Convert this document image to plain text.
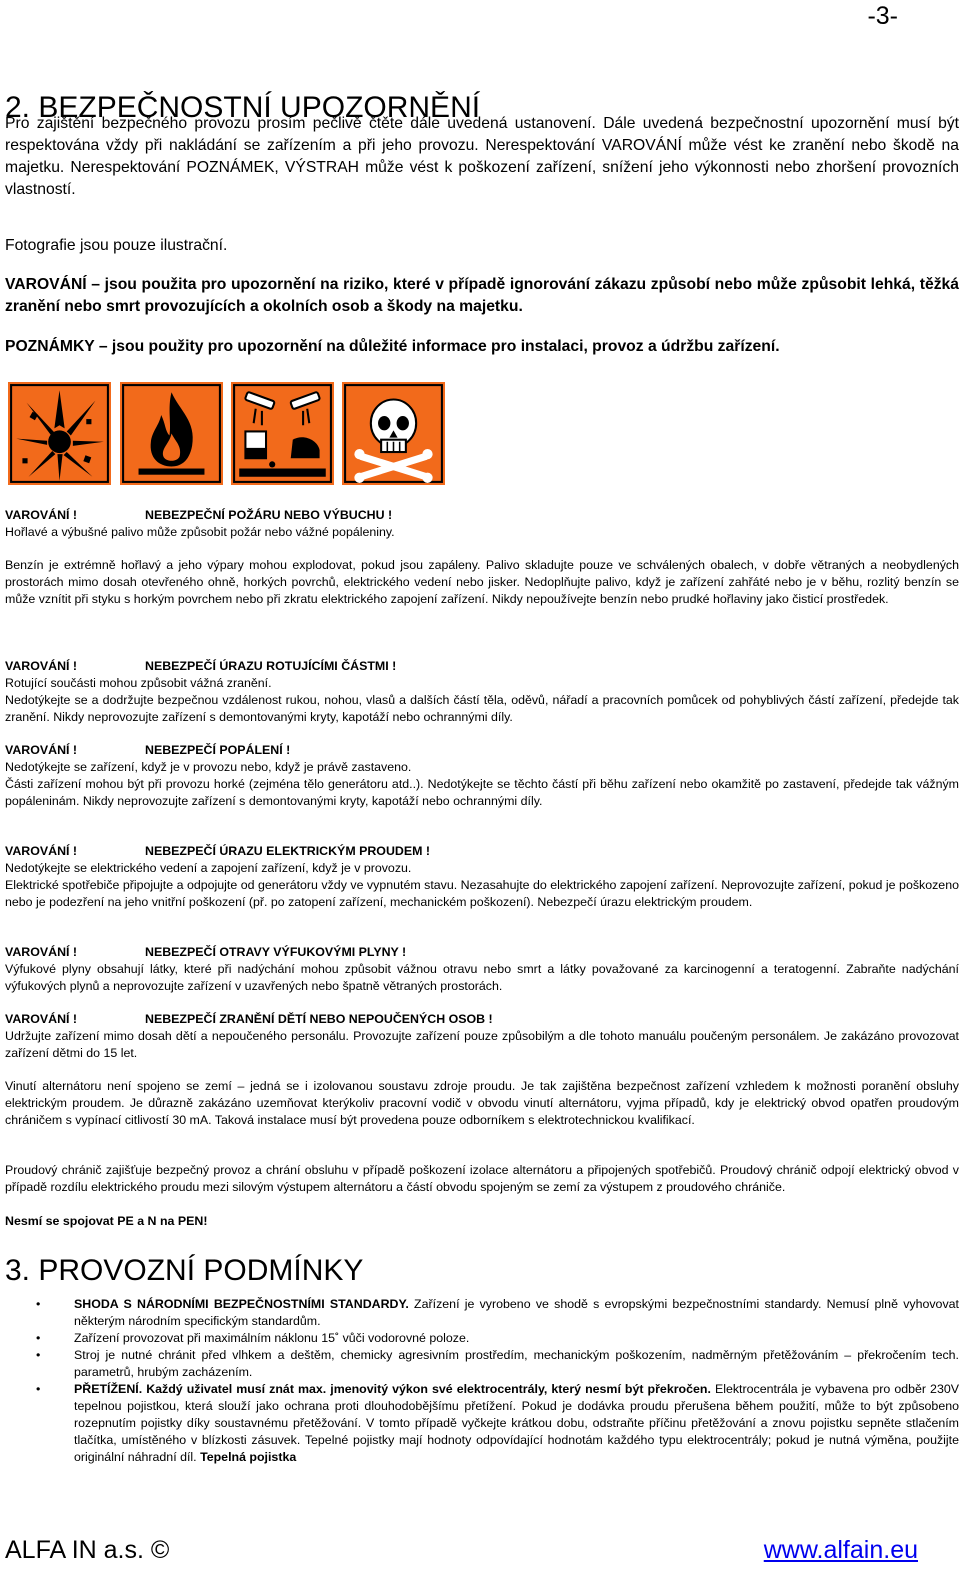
-3-
2. BEZPEČNOSTNÍ UPOZORNĚNÍ
Pro zajištění bezpečného provozu prosím pečlivě čtěte dále uvedená ustanovení. Dále uvedená bezpečnostní upozornění musí být respektována vždy při nakládání se zařízením a při jeho provozu. Nerespektování VAROVÁNÍ může vést ke zranění nebo škodě na majetku. Nerespektování POZNÁMEK, VÝSTRAH může vést k poškození zařízení, snížení jeho výkonnosti nebo zhoršení provozních vlastností.
Fotografie jsou pouze ilustrační.
VAROVÁNÍ – jsou použita pro upozornění na riziko, které v případě ignorování zákazu způsobí nebo může způsobit lehká, těžká zranění nebo smrt provozujících a okolních osob a škody na majetku.
POZNÁMKY – jsou použity pro upozornění na důležité informace pro instalaci, provoz a údržbu zařízení.
VAROVÁNÍ !	NEBEZPEČNÍ POŽÁRU NEBO VÝBUCHU !
Hořlavé a výbušné palivo může způsobit požár nebo vážné popáleniny.
Benzín je extrémně hořlavý a jeho výpary mohou explodovat, pokud jsou zapáleny. Palivo skladujte pouze ve schválených obalech, v dobře větraných a neobydlených prostorách mimo dosah otevřeného ohně, horkých povrchů, elektrického vedení nebo jisker. Nedoplňujte palivo, když je zařízení zahřáté nebo je v běhu, rozlitý benzín se může vznítit při styku s horkým povrchem nebo při zkratu elektrického zapojení zařízení. Nikdy nepoužívejte benzín nebo prudké hořlaviny jako čisticí prostředek.
VAROVÁNÍ !	NEBEZPEČÍ ÚRAZU ROTUJÍCÍMI ČÁSTMI !
Rotující součásti mohou způsobit vážná zranění.
Nedotýkejte se a dodržujte bezpečnou vzdálenost rukou, nohou, vlasů a dalších částí těla, oděvů, nářadí a pracovních pomůcek od pohyblivých částí zařízení, předejde tak zranění. Nikdy neprovozujte zařízení s demontovanými kryty, kapotáží nebo ochrannými díly.
VAROVÁNÍ !	NEBEZPEČÍ POPÁLENÍ !
Nedotýkejte se zařízení, když je v provozu nebo, když je právě zastaveno.
Části zařízení mohou být při provozu horké (zejména tělo generátoru atd..). Nedotýkejte se těchto částí při běhu zařízení nebo okamžitě po zastavení, předejde tak vážným popáleninám. Nikdy neprovozujte zařízení s demontovanými kryty, kapotáží nebo ochrannými díly.
VAROVÁNÍ !	NEBEZPEČÍ ÚRAZU ELEKTRICKÝM PROUDEM !
Nedotýkejte se elektrického vedení a zapojení zařízení, když je v provozu.
Elektrické spotřebiče připojujte a odpojujte od generátoru vždy ve vypnutém stavu. Nezasahujte do elektrického zapojení zařízení. Neprovozujte zařízení, pokud je poškozeno nebo je podezření na jeho vnitřní poškození (př. po zatopení zařízení, mechanickém poškození). Nebezpečí úrazu elektrickým proudem.
VAROVÁNÍ !	NEBEZPEČÍ OTRAVY VÝFUKOVÝMI PLYNY !
Výfukové plyny obsahují látky, které při nadýchání mohou způsobit vážnou otravu nebo smrt a látky považované za karcinogenní a teratogenní. Zabraňte nadýchání výfukových plynů a neprovozujte zařízení v uzavřených nebo špatně větraných prostorách.
VAROVÁNÍ !	NEBEZPEČÍ ZRANĚNÍ DĚTÍ NEBO NEPOUČENÝCH OSOB !
Udržujte zařízení mimo dosah dětí a nepoučeného personálu. Provozujte zařízení pouze způsobilým a dle tohoto manuálu poučeným personálem. Je zakázáno provozovat zařízení dětmi do 15 let.
Vinutí alternátoru není spojeno se zemí – jedná se i izolovanou soustavu zdroje proudu. Je tak zajištěna bezpečnost zařízení vzhledem k možnosti poranění obsluhy elektrickým proudem. Je důrazně zakázáno uzemňovat kterýkoliv pracovní vodič v obvodu vinutí alternátoru, vyjma případů, kdy je elektrický obvod opatřen proudovým chráničem s vypínací citlivostí 30 mA. Taková instalace musí být provedena pouze odborníkem s elektrotechnickou kvalifikací.
Proudový chránič zajišťuje bezpečný provoz a chrání obsluhu v případě poškození izolace alternátoru a připojených spotřebičů. Proudový chránič odpojí elektrický obvod v případě rozdílu elektrického proudu mezi silovým výstupem alternátoru a částí obvodu spojeným se zemí za výstupem z proudového chrániče.
Nesmí se spojovat PE a N na PEN!
3. PROVOZNÍ PODMÍNKY
•	SHODA S NÁRODNÍMI BEZPEČNOSTNÍMI STANDARDY. Zařízení je vyrobeno ve shodě s evropskými bezpečnostními standardy. Nemusí plně vyhovovat některým národním specifickým standardům.
•	Zařízení provozovat při maximálním náklonu 15˚ vůči vodorovné poloze.
•	Stroj je nutné chránit před vlhkem a deštěm, chemicky agresivním prostředím, mechanickým poškozením, nadměrným přetěžováním – překročením tech. parametrů, hrubým zacházením.
•	PŘETÍŽENÍ. Každý uživatel musí znát max. jmenovitý výkon své elektrocentrály, který nesmí být překročen. Elektrocentrála je vybavena pro odběr 230V tepelnou pojistkou, která slouží jako ochrana proti dlouhodobějšímu přetížení. Pokud je dodávka proudu přerušena během použití, může to být způsobeno rozepnutím pojistky díky soustavnému přetěžování. V tomto případě vyčkejte krátkou dobu, odstraňte příčinu přetěžování a znovu pojistku sepněte stlačením tlačítka, umístěného v blízkosti zásuvek. Tepelné pojistky mají hodnoty odpovídající hodnotám každého typu elektrocentrály; pokud je nutná výměna, použijte originální náhradní díl. Tepelná pojistka
ALFA IN a.s. ©	www.alfain.eu
